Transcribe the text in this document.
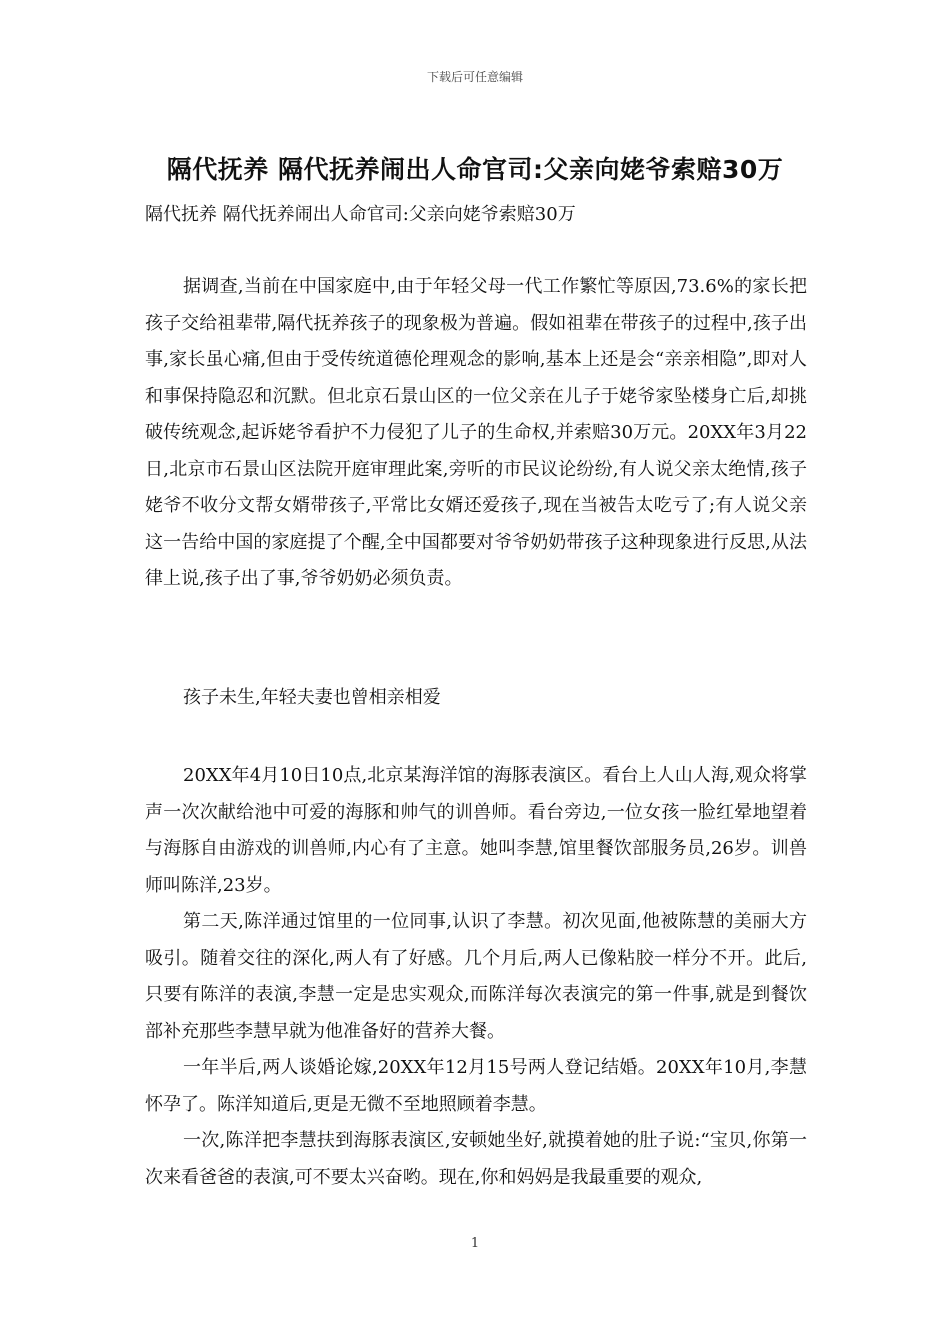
下载后可任意编辑
隔代抚养 隔代抚养闹出人命官司:父亲向姥爷索赔30万
隔代抚养 隔代抚养闹出人命官司:父亲向姥爷索赔30万

据调查,当前在中国家庭中,由于年轻父母一代工作繁忙等原因,73.6%的家长把孩子交给祖辈带,隔代抚养孩子的现象极为普遍。假如祖辈在带孩子的过程中,孩子出事,家长虽心痛,但由于受传统道德伦理观念的影响,基本上还是会“亲亲相隐”,即对人和事保持隐忍和沉默。但北京石景山区的一位父亲在儿子于姥爷家坠楼身亡后,却挑破传统观念,起诉姥爷看护不力侵犯了儿子的生命权,并索赔30万元。20XX年3月22日,北京市石景山区法院开庭审理此案,旁听的市民议论纷纷,有人说父亲太绝情,孩子姥爷不收分文帮女婿带孩子,平常比女婿还爱孩子,现在当被告太吃亏了;有人说父亲这一告给中国的家庭提了个醒,全中国都要对爷爷奶奶带孩子这种现象进行反思,从法律上说,孩子出了事,爷爷奶奶必须负责。

孩子未生,年轻夫妻也曾相亲相爱

20XX年4月10日10点,北京某海洋馆的海豚表演区。看台上人山人海,观众将掌声一次次献给池中可爱的海豚和帅气的训兽师。看台旁边,一位女孩一脸红晕地望着与海豚自由游戏的训兽师,内心有了主意。她叫李慧,馆里餐饮部服务员,26岁。训兽师叫陈洋,23岁。

第二天,陈洋通过馆里的一位同事,认识了李慧。初次见面,他被陈慧的美丽大方吸引。随着交往的深化,两人有了好感。几个月后,两人已像粘胶一样分不开。此后,只要有陈洋的表演,李慧一定是忠实观众,而陈洋每次表演完的第一件事,就是到餐饮部补充那些李慧早就为他准备好的营养大餐。

一年半后,两人谈婚论嫁,20XX年12月15号两人登记结婚。20XX年10月,李慧怀孕了。陈洋知道后,更是无微不至地照顾着李慧。

一次,陈洋把李慧扶到海豚表演区,安顿她坐好,就摸着她的肚子说:“宝贝,你第一次来看爸爸的表演,可不要太兴奋哟。现在,你和妈妈是我最重要的观众,

1
